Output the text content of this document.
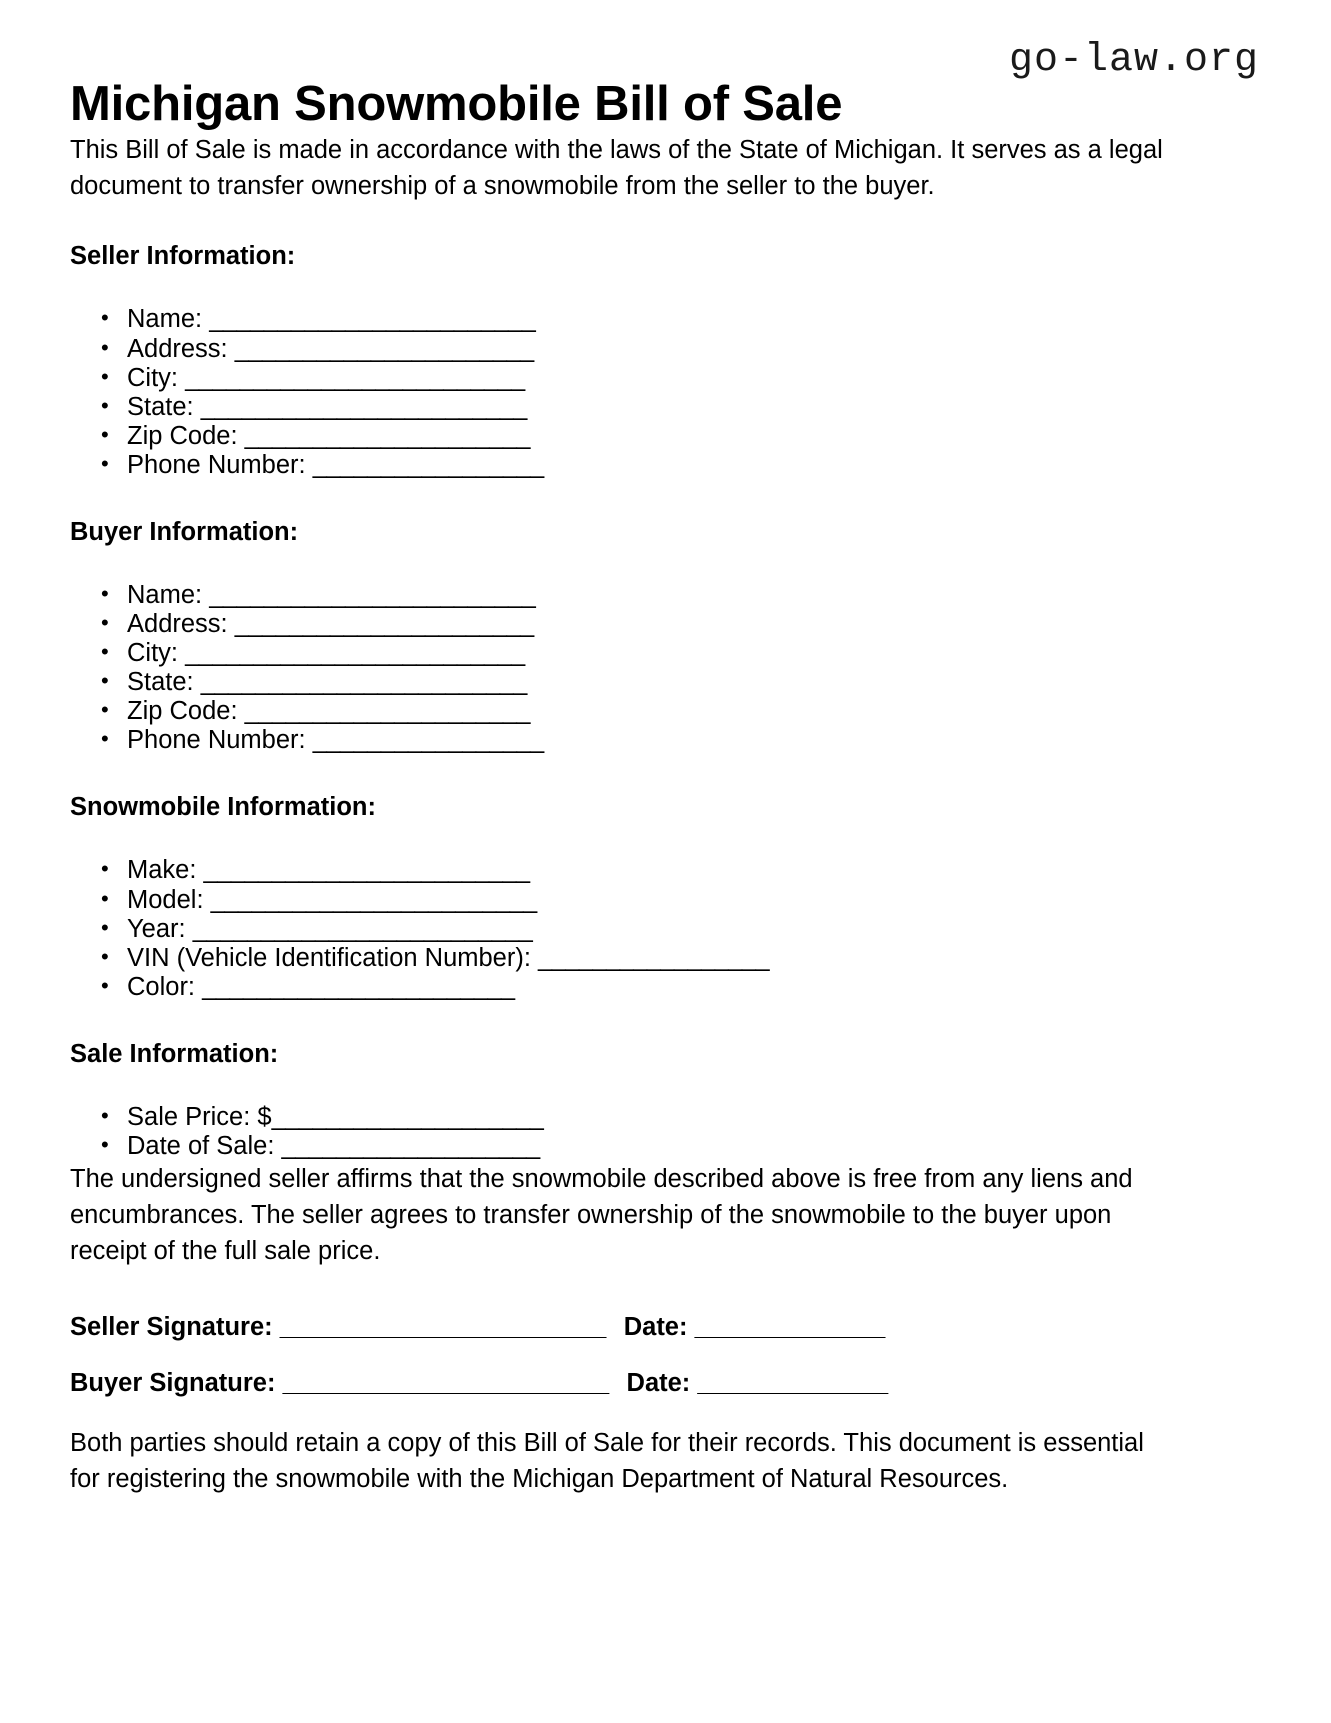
go-law.org
Michigan Snowmobile Bill of Sale

This Bill of Sale is made in accordance with the laws of the State of Michigan. It serves as a legal document to transfer ownership of a snowmobile from the seller to the buyer.

Seller Information:
• Name: ________________________
• Address: ______________________
• City: _________________________
• State: ________________________
• Zip Code: _____________________
• Phone Number: _________________
Buyer Information:
• Name: ________________________
• Address: ______________________
• City: _________________________
• State: ________________________
• Zip Code: _____________________
• Phone Number: _________________
Snowmobile Information:
• Make: ________________________
• Model: ________________________
• Year: _________________________
• VIN (Vehicle Identification Number): _________________
• Color: _______________________
Sale Information:
• Sale Price: $____________________
• Date of Sale: ___________________

The undersigned seller affirms that the snowmobile described above is free from any liens and encumbrances. The seller agrees to transfer ownership of the snowmobile to the buyer upon receipt of the full sale price.

Seller Signature: ________________________ Date: ______________
Buyer Signature: ________________________ Date: ______________

Both parties should retain a copy of this Bill of Sale for their records. This document is essential for registering the snowmobile with the Michigan Department of Natural Resources.
